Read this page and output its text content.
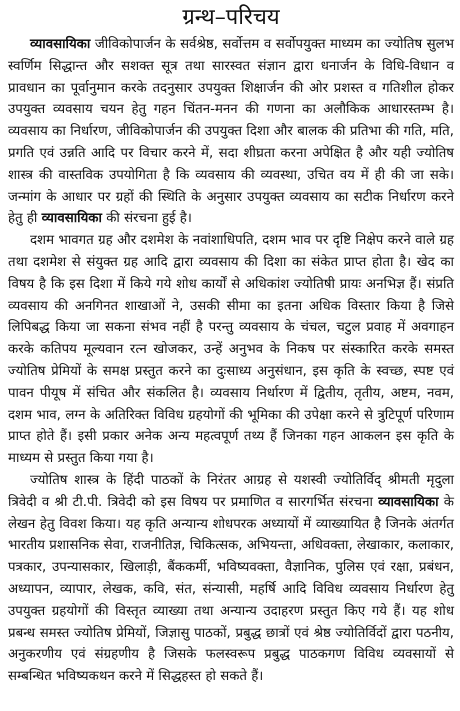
ग्रन्थ–परिचय

व्यावसायिका जीविकोपार्जन के सर्वश्रेष्ठ, सर्वोत्तम व सर्वोपयुक्त माध्यम का ज्योतिष सुलभ स्वर्णिम सिद्धान्त और सशक्त सूत्र तथा सारस्वत संज्ञान द्वारा धनार्जन के विधि-विधान व प्रावधान का पूर्वानुमान करके तदनुसार उपयुक्त शिक्षार्जन की ओर प्रशस्त व गतिशील होकर उपयुक्त व्यवसाय चयन हेतु गहन चिंतन-मनन की गणना का अलौकिक आधारस्तम्भ है। व्यवसाय का निर्धारण, जीविकोपार्जन की उपयुक्त दिशा और बालक की प्रतिभा की गति, मति, प्रगति एवं उन्नति आदि पर विचार करने में, सदा शीघ्रता करना अपेक्षित है और यही ज्योतिष शास्त्र की वास्तविक उपयोगिता है कि व्यवसाय की व्यवस्था, उचित वय में ही की जा सके। जन्मांग के आधार पर ग्रहों की स्थिति के अनुसार उपयुक्त व्यवसाय का सटीक निर्धारण करने हेतु ही व्यावसायिका की संरचना हुई है।

दशम भावगत ग्रह और दशमेश के नवांशाधिपति, दशम भाव पर दृष्टि निक्षेप करने वाले ग्रह तथा दशमेश से संयुक्त ग्रह आदि द्वारा व्यवसाय की दिशा का संकेत प्राप्त होता है। खेद का विषय है कि इस दिशा में किये गये शोध कार्यों से अधिकांश ज्योतिषी प्रायः अनभिज्ञ हैं। संप्रति व्यवसाय की अनगिनत शाखाओं ने, उसकी सीमा का इतना अधिक विस्तार किया है जिसे लिपिबद्ध किया जा सकना संभव नहीं है परन्तु व्यवसाय के चंचल, चटुल प्रवाह में अवगाहन करके कतिपय मूल्यवान रत्न खोजकर, उन्हें अनुभव के निकष पर संस्कारित करके समस्त ज्योतिष प्रेमियों के समक्ष प्रस्तुत करने का दुःसाध्य अनुसंधान, इस कृति के स्वच्छ, स्पष्ट एवं पावन पीयूष में संचित और संकलित है। व्यवसाय निर्धारण में द्वितीय, तृतीय, अष्टम, नवम, दशम भाव, लग्न के अतिरिक्त विविध ग्रहयोगों की भूमिका की उपेक्षा करने से त्रुटिपूर्ण परिणाम प्राप्त होते हैं। इसी प्रकार अनेक अन्य महत्वपूर्ण तथ्य हैं जिनका गहन आकलन इस कृति के माध्यम से प्रस्तुत किया गया है।

ज्योतिष शास्त्र के हिंदी पाठकों के निरंतर आग्रह से यशस्वी ज्योतिर्विद् श्रीमती मृदुला त्रिवेदी व श्री टी.पी. त्रिवेदी को इस विषय पर प्रमाणित व सारगर्भित संरचना व्यावसायिका के लेखन हेतु विवश किया। यह कृति अन्यान्य शोधपरक अध्यायों में व्याख्यायित है जिनके अंतर्गत भारतीय प्रशासनिक सेवा, राजनीतिज्ञ, चिकित्सक, अभियन्ता, अधिवक्ता, लेखाकार, कलाकार, पत्रकार, उपन्यासकार, खिलाड़ी, बैंककर्मी, भविष्यवक्ता, वैज्ञानिक, पुलिस एवं रक्षा, प्रबंधन, अध्यापन, व्यापार, लेखक, कवि, संत, संन्यासी, महर्षि आदि विविध व्यवसाय निर्धारण हेतु उपयुक्त ग्रहयोगों की विस्तृत व्याख्या तथा अन्यान्य उदाहरण प्रस्तुत किए गये हैं। यह शोध प्रबन्ध समस्त ज्योतिष प्रेमियों, जिज्ञासु पाठकों, प्रबुद्ध छात्रों एवं श्रेष्ठ ज्योतिर्विदों द्वारा पठनीय, अनुकरणीय एवं संग्रहणीय है जिसके फलस्वरूप प्रबुद्ध पाठकगण विविध व्यवसायों से सम्बन्धित भविष्यकथन करने में सिद्धहस्त हो सकते हैं।
